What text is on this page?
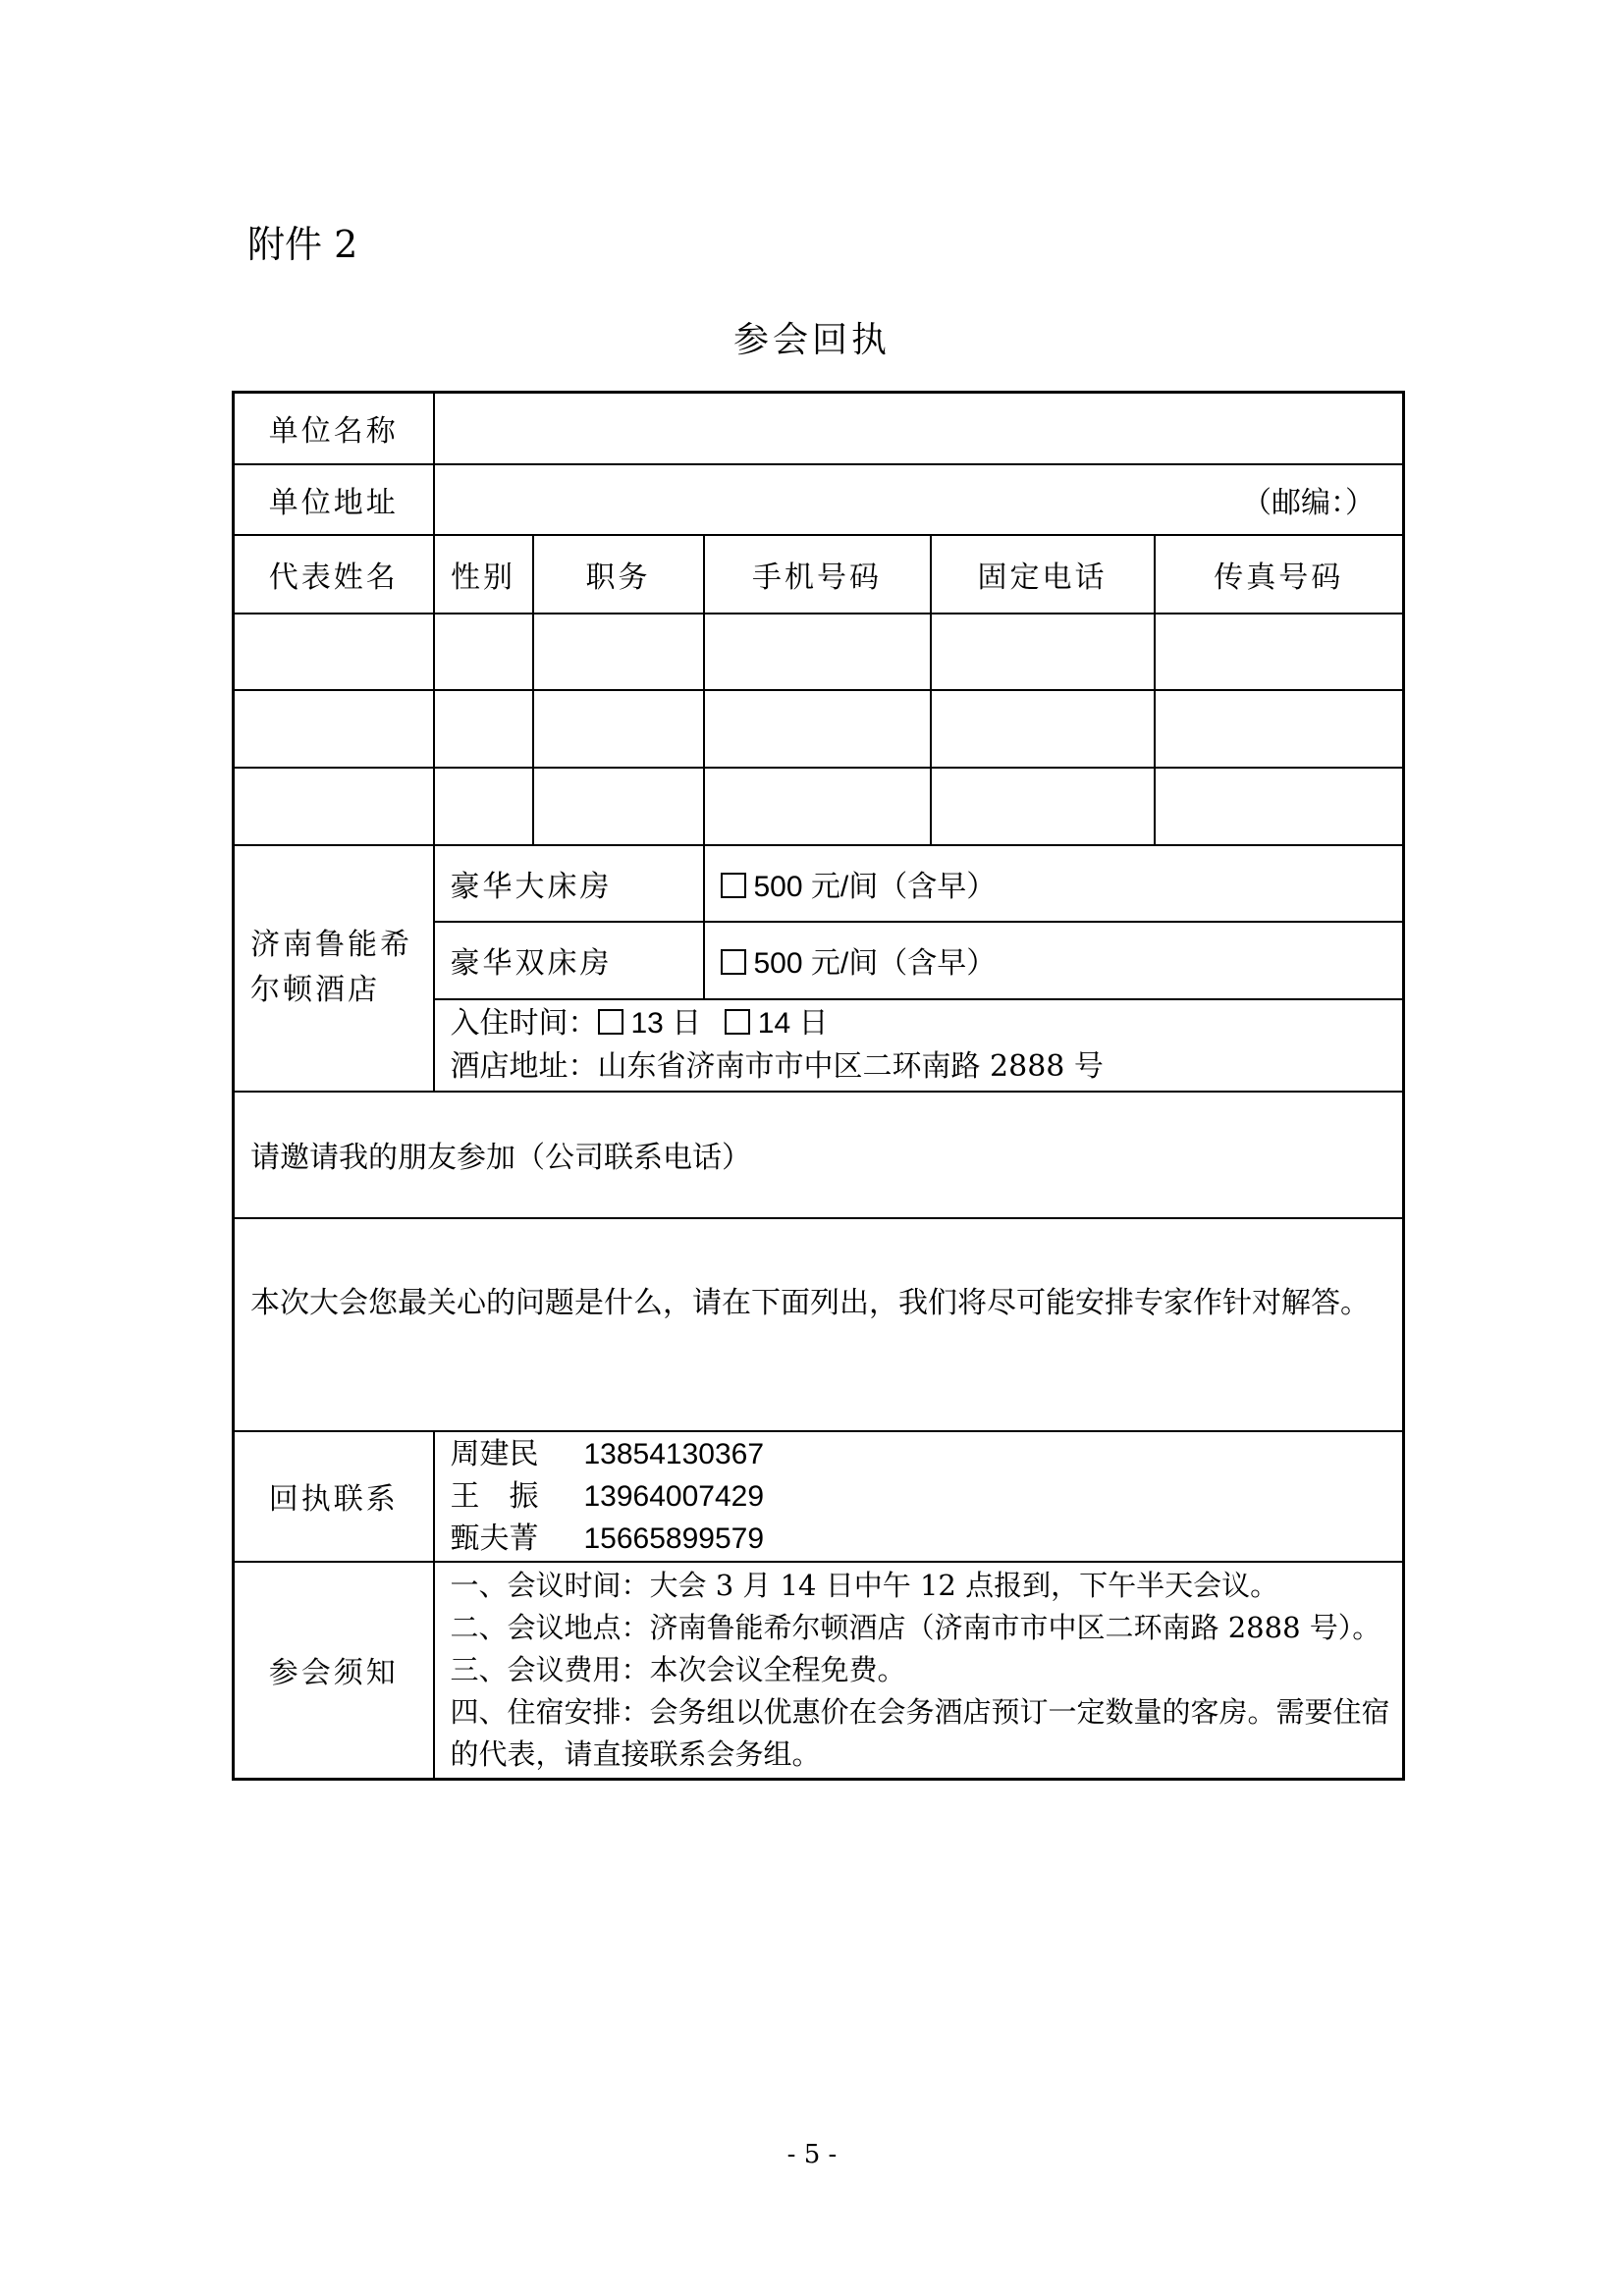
附件 2
参会回执
单位名称					
单位地址	（邮编：）				
代表姓名	性别	职务	手机号码	固定电话	传真号码

济南鲁能希尔顿酒店	豪华大床房		500 元/间（含早）		
	豪华双床房		500 元/间（含早）		

	入住时间： 13 日 14 日
酒店地址：山东省济南市市中区二环南路 2888 号				

请邀请我的朋友参加（公司联系电话）					
本次大会您最关心的问题是什么，请在下面列出，我们将尽可能安排专家作针对解答。					
回执联系	周建民 13854130367
王　振 13964007429
甄夫菁 15665899579				

参会须知	一、会议时间：大会 3 月 14 日中午 12 点报到，下午半天会议。
二、会议地点：济南鲁能希尔顿酒店（济南市市中区二环南路 2888 号）。
三、会议费用：本次会议全程免费。
四、住宿安排：会务组以优惠价在会务酒店预订一定数量的客房。需要住宿的代表，请直接联系会务组。				
- 5 -
